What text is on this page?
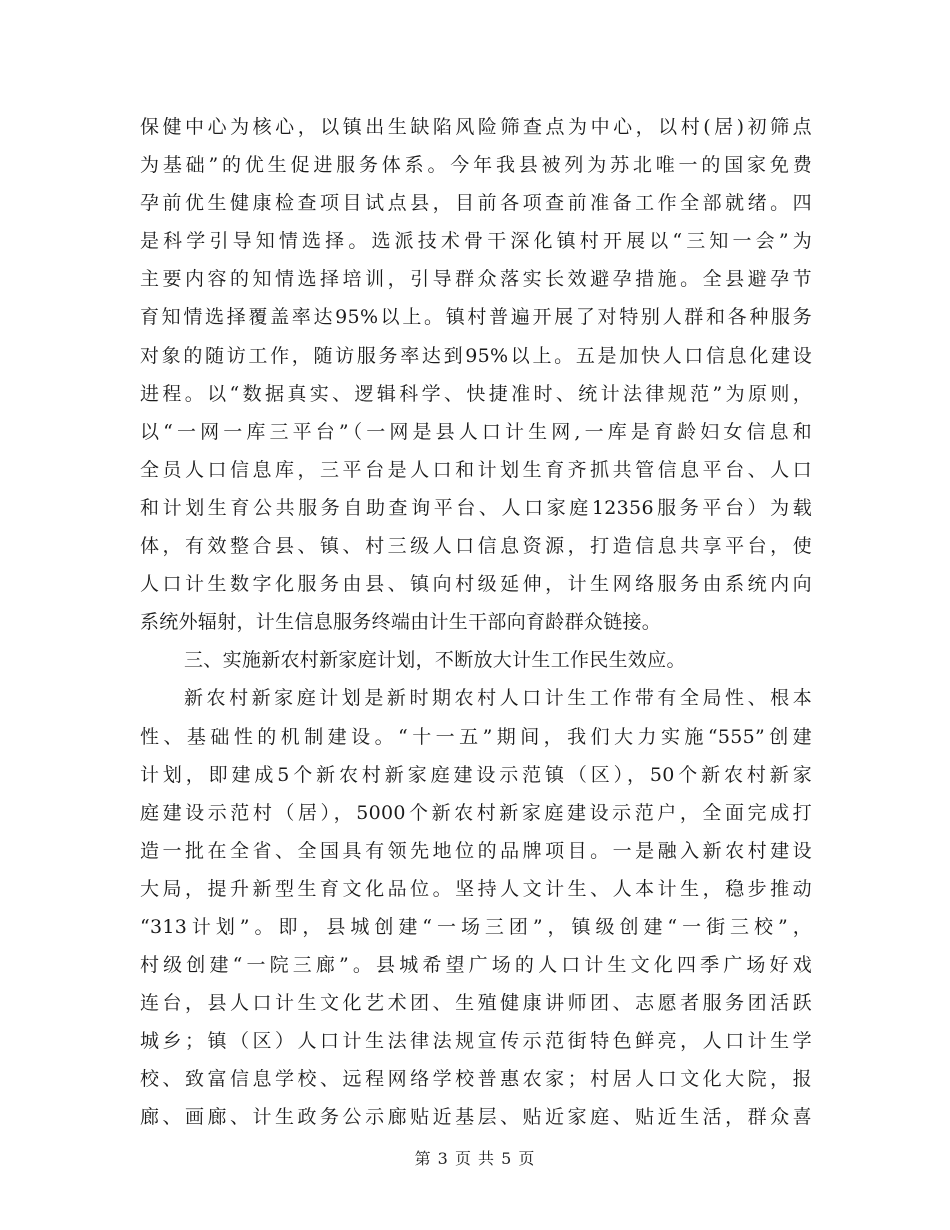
保健中心为核心，以镇出生缺陷风险筛查点为中心，以村(居)初筛点
为基础”的优生促进服务体系。今年我县被列为苏北唯一的国家免费
孕前优生健康检查项目试点县，目前各项查前准备工作全部就绪。四
是科学引导知情选择。选派技术骨干深化镇村开展以“三知一会”为
主要内容的知情选择培训，引导群众落实长效避孕措施。全县避孕节
育知情选择覆盖率达95%以上。镇村普遍开展了对特别人群和各种服务
对象的随访工作，随访服务率达到95%以上。五是加快人口信息化建设
进程。以“数据真实、逻辑科学、快捷准时、统计法律规范”为原则，
以“一网一库三平台”（一网是县人口计生网,一库是育龄妇女信息和
全员人口信息库，三平台是人口和计划生育齐抓共管信息平台、人口
和计划生育公共服务自助查询平台、人口家庭12356服务平台）为载
体，有效整合县、镇、村三级人口信息资源，打造信息共享平台，使
人口计生数字化服务由县、镇向村级延伸，计生网络服务由系统内向
系统外辐射，计生信息服务终端由计生干部向育龄群众链接。
三、实施新农村新家庭计划，不断放大计生工作民生效应。
新农村新家庭计划是新时期农村人口计生工作带有全局性、根本
性、基础性的机制建设。“十一五”期间，我们大力实施“555”创建
计划，即建成5个新农村新家庭建设示范镇（区），50个新农村新家
庭建设示范村（居），5000个新农村新家庭建设示范户，全面完成打
造一批在全省、全国具有领先地位的品牌项目。一是融入新农村建设
大局，提升新型生育文化品位。坚持人文计生、人本计生，稳步推动
“313计划”。即，县城创建“一场三团”，镇级创建“一街三校”，
村级创建“一院三廊”。县城希望广场的人口计生文化四季广场好戏
连台，县人口计生文化艺术团、生殖健康讲师团、志愿者服务团活跃
城乡；镇（区）人口计生法律法规宣传示范街特色鲜亮，人口计生学
校、致富信息学校、远程网络学校普惠农家；村居人口文化大院，报
廊、画廊、计生政务公示廊贴近基层、贴近家庭、贴近生活，群众喜
第 3 页 共 5 页
